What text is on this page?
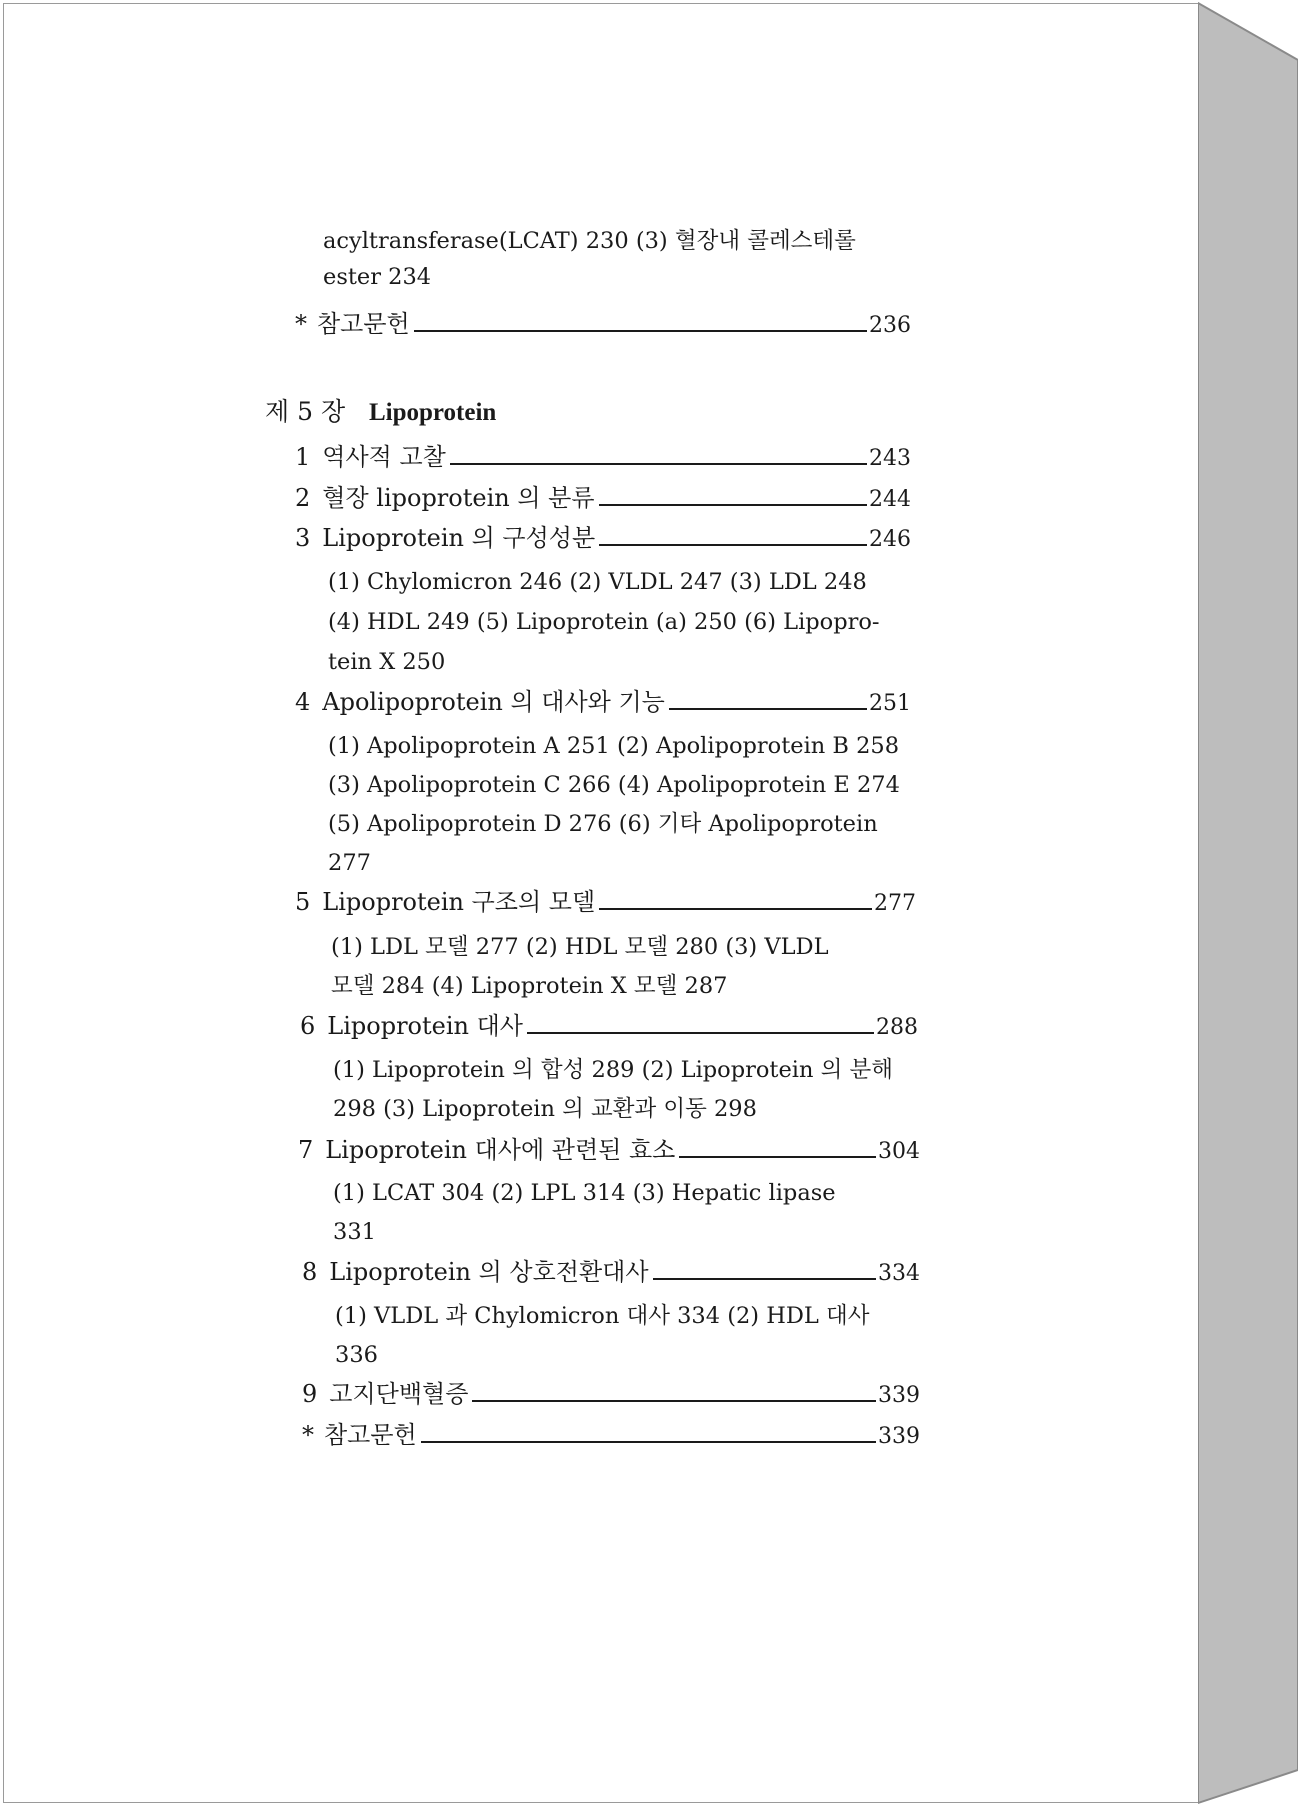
acyltransferase(LCAT) 230 (3) 혈장내 콜레스테롤
ester 234
* 참고문헌	236
제 5 장 Lipoprotein
1 역사적 고찰	243
2 혈장 lipoprotein 의 분류	244
3 Lipoprotein 의 구성성분	246
(1) Chylomicron 246 (2) VLDL 247 (3) LDL 248
(4) HDL 249 (5) Lipoprotein (a) 250 (6) Lipopro-
tein X 250
4 Apolipoprotein 의 대사와 기능	251
(1) Apolipoprotein A 251 (2) Apolipoprotein B 258
(3) Apolipoprotein C 266 (4) Apolipoprotein E 274
(5) Apolipoprotein D 276 (6) 기타 Apolipoprotein
277
5 Lipoprotein 구조의 모델	277
(1) LDL 모델 277 (2) HDL 모델 280 (3) VLDL
모델 284 (4) Lipoprotein X 모델 287
6 Lipoprotein 대사	288
(1) Lipoprotein 의 합성 289 (2) Lipoprotein 의 분해
298 (3) Lipoprotein 의 교환과 이동 298
7 Lipoprotein 대사에 관련된 효소	304
(1) LCAT 304 (2) LPL 314 (3) Hepatic lipase
331
8 Lipoprotein 의 상호전환대사	334
(1) VLDL 과 Chylomicron 대사 334 (2) HDL 대사
336
9 고지단백혈증	339
* 참고문헌	339
